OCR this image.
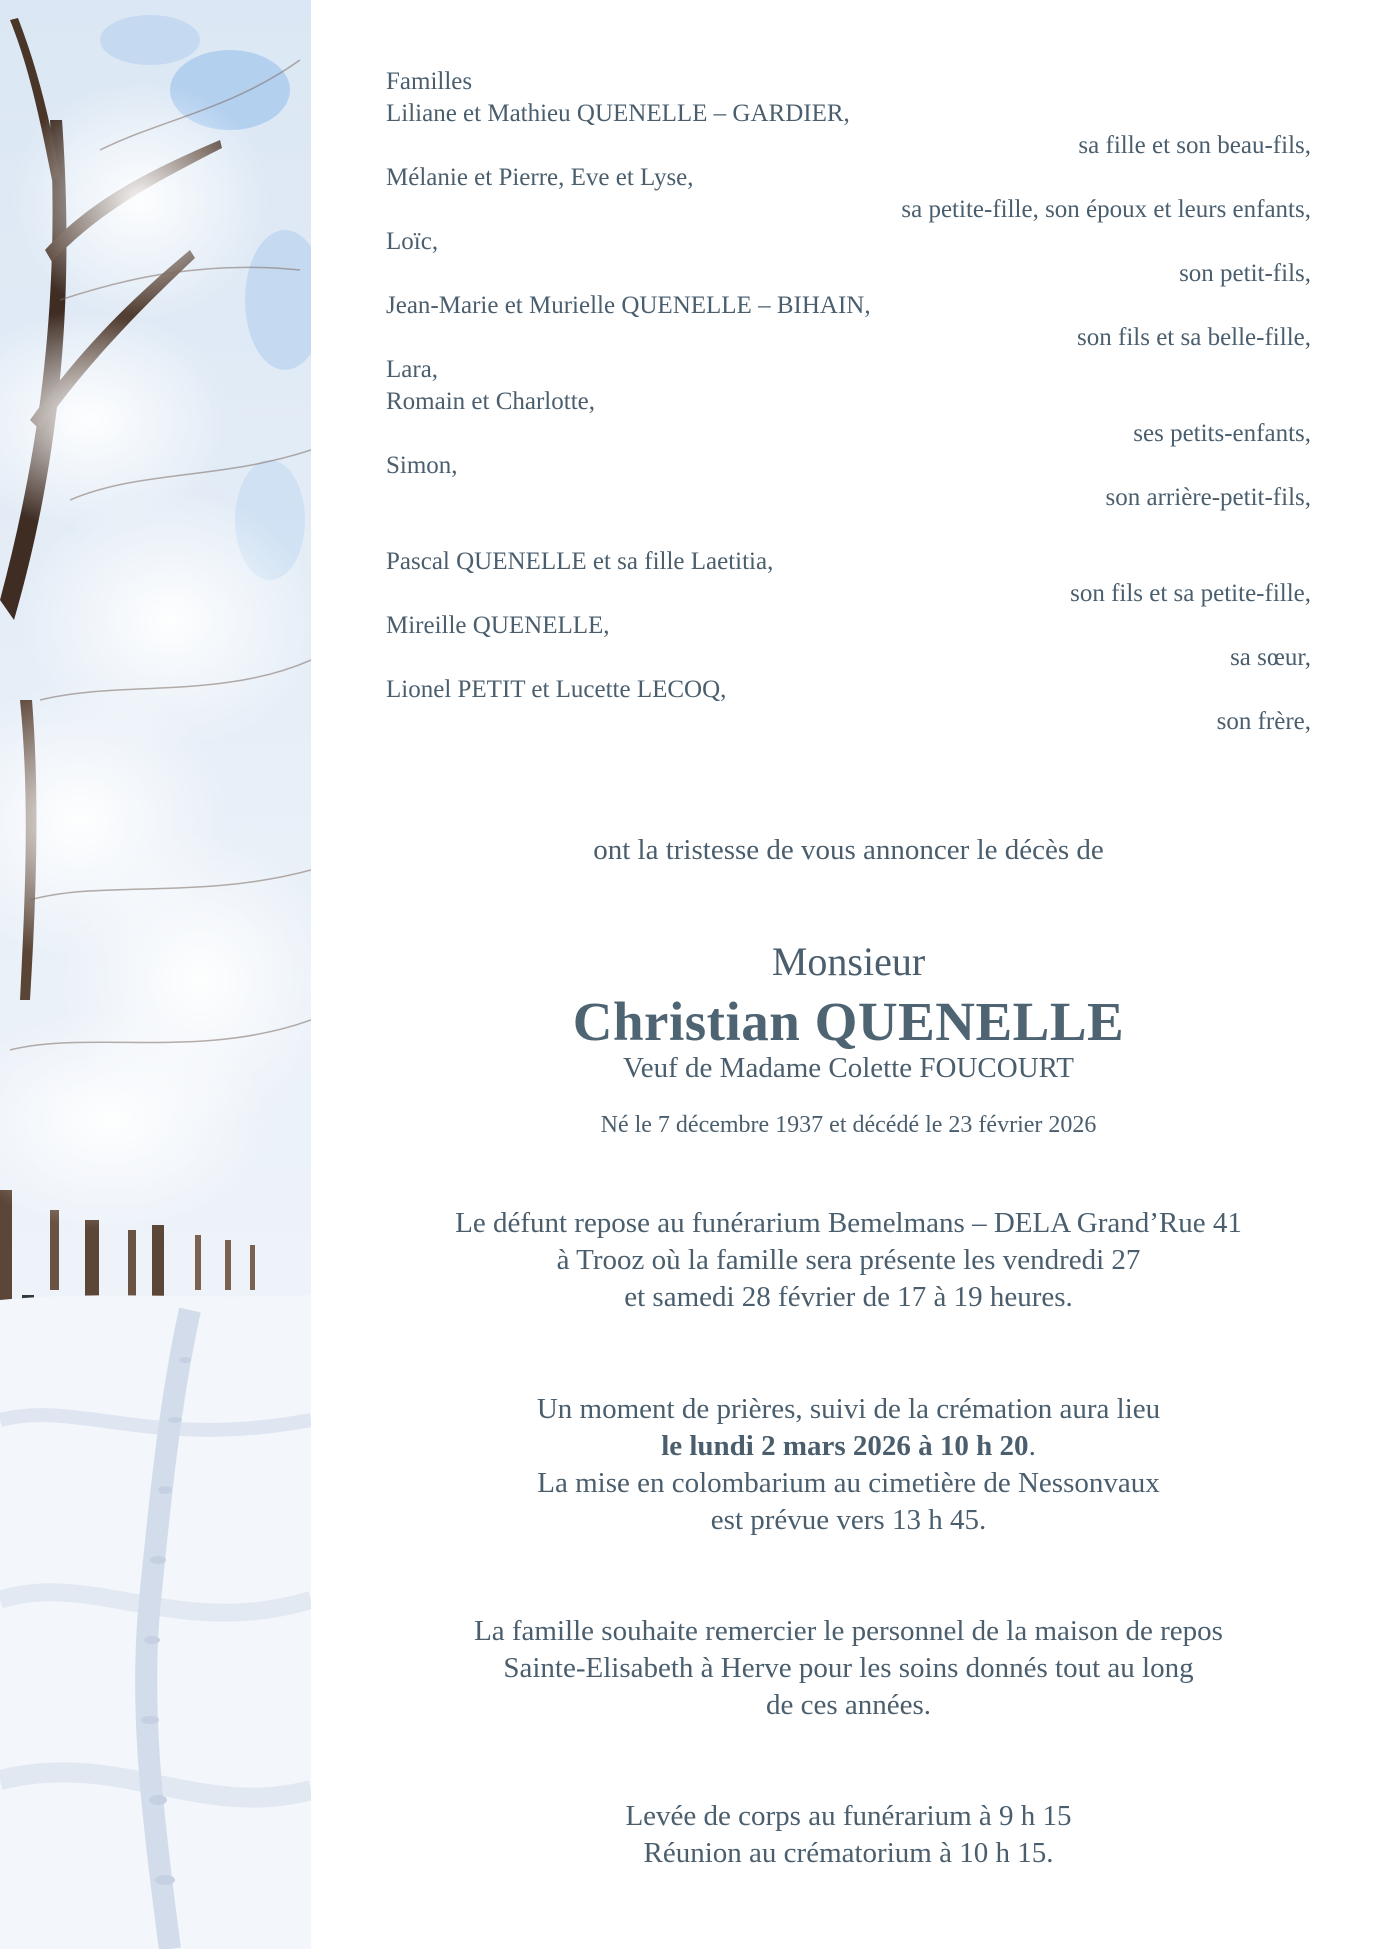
Familles
Liliane et Mathieu QUENELLE – GARDIER,
sa fille et son beau-fils,
Mélanie et Pierre, Eve et Lyse,
sa petite-fille, son époux et leurs enfants,
Loïc,
son petit-fils,
Jean-Marie et Murielle QUENELLE – BIHAIN,
son fils et sa belle-fille,
Lara,
Romain et Charlotte,
ses petits-enfants,
Simon,
son arrière-petit-fils,
Pascal QUENELLE et sa fille Laetitia,
son fils et sa petite-fille,
Mireille QUENELLE,
sa sœur,
Lionel PETIT et Lucette LECOQ,
son frère,
ont la tristesse de vous annoncer le décès de
Monsieur
Christian QUENELLE
Veuf de Madame Colette FOUCOURT
Né le 7 décembre 1937 et décédé le 23 février 2026
Le défunt repose au funérarium Bemelmans – DELA Grand’Rue 41
à Trooz où la famille sera présente les vendredi 27
et samedi 28 février de 17 à 19 heures.
Un moment de prières, suivi de la crémation aura lieu
le lundi 2 mars 2026 à 10 h 20.
La mise en colombarium au cimetière de Nessonvaux
est prévue vers 13 h 45.
La famille souhaite remercier le personnel de la maison de repos
Sainte-Elisabeth à Herve pour les soins donnés tout au long
de ces années.
Levée de corps au funérarium à 9 h 15
Réunion au crématorium à 10 h 15.
